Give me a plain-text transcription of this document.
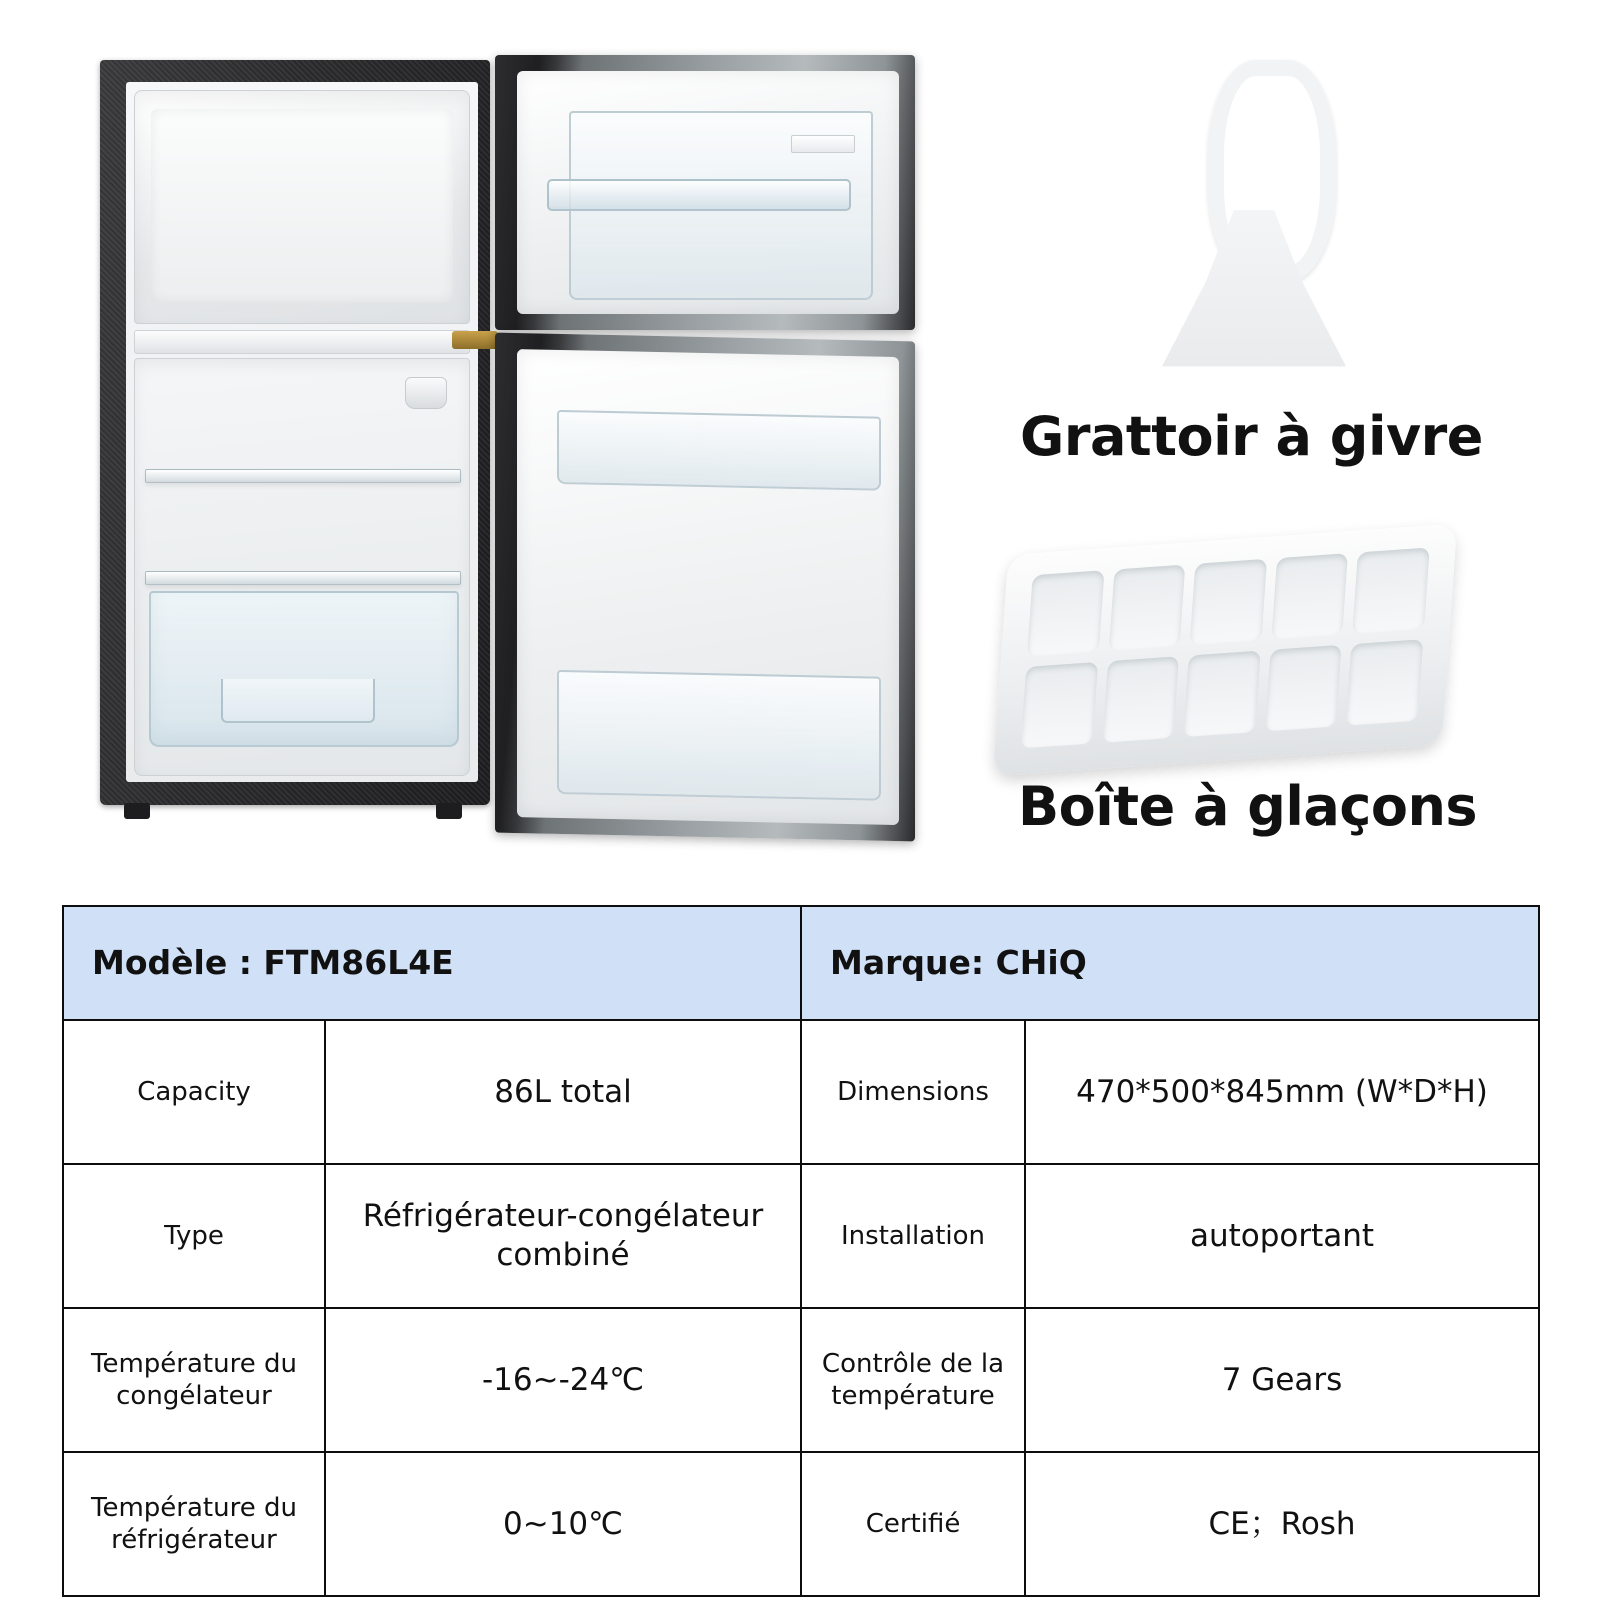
Grattoir à givre
Boîte à glaçons
Modèle : FTM86L4E		Marque: CHiQ	
Capacity	86L total	Dimensions	470*500*845mm (W*D*H)
Type	Réfrigérateur-congélateur combiné	Installation	autoportant
Température du congélateur	-16~-24℃	Contrôle de la température	7 Gears
Température du réfrigérateur	0~10℃	Certifié	CE；Rosh
